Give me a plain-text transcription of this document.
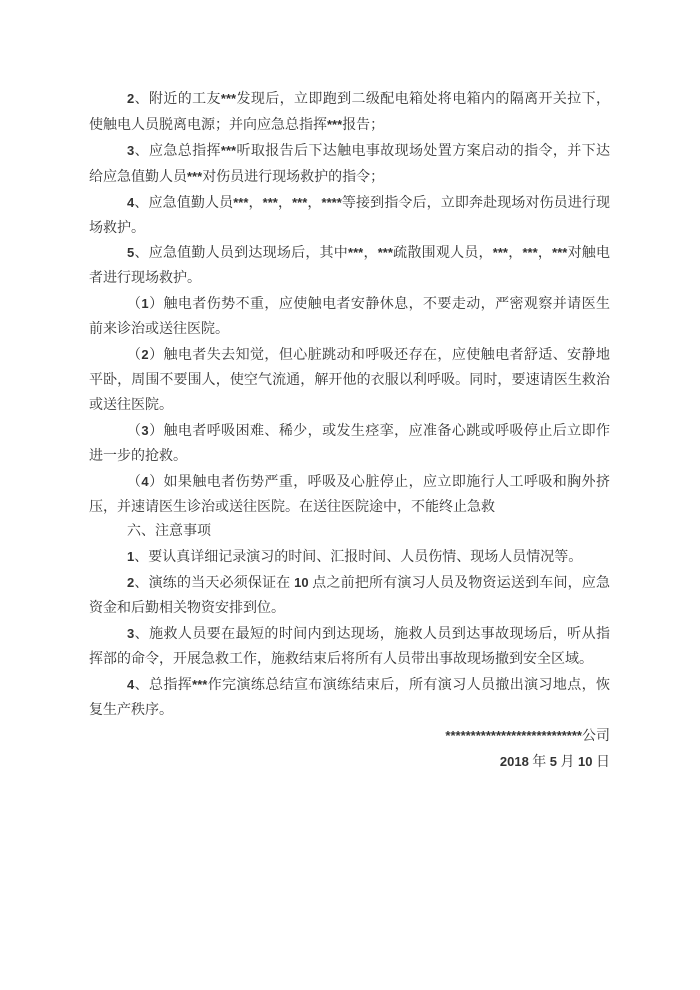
2、附近的工友***发现后，立即跑到二级配电箱处将电箱内的隔离开关拉下，使触电人员脱离电源；并向应急总指挥***报告；

3、应急总指挥***听取报告后下达触电事故现场处置方案启动的指令，并下达给应急值勤人员***对伤员进行现场救护的指令；

4、应急值勤人员***，***，***，****等接到指令后，立即奔赴现场对伤员进行现场救护。

5、应急值勤人员到达现场后，其中***，***疏散围观人员，***，***，***对触电者进行现场救护。

（1）触电者伤势不重，应使触电者安静休息，不要走动，严密观察并请医生前来诊治或送往医院。

（2）触电者失去知觉，但心脏跳动和呼吸还存在，应使触电者舒适、安静地平卧，周围不要围人，使空气流通，解开他的衣服以利呼吸。同时，要速请医生救治或送往医院。

（3）触电者呼吸困难、稀少，或发生痉挛，应准备心跳或呼吸停止后立即作进一步的抢救。

（4）如果触电者伤势严重，呼吸及心脏停止，应立即施行人工呼吸和胸外挤压，并速请医生诊治或送往医院。在送往医院途中，不能终止急救

六、注意事项

1、要认真详细记录演习的时间、汇报时间、人员伤情、现场人员情况等。

2、演练的当天必须保证在 10 点之前把所有演习人员及物资运送到车间，应急资金和后勤相关物资安排到位。

3、施救人员要在最短的时间内到达现场，施救人员到达事故现场后，听从指挥部的命令，开展急救工作，施救结束后将所有人员带出事故现场撤到安全区域。

4、总指挥***作完演练总结宣布演练结束后，所有演习人员撤出演习地点，恢复生产秩序。

***************************公司

2018 年 5 月 10 日
